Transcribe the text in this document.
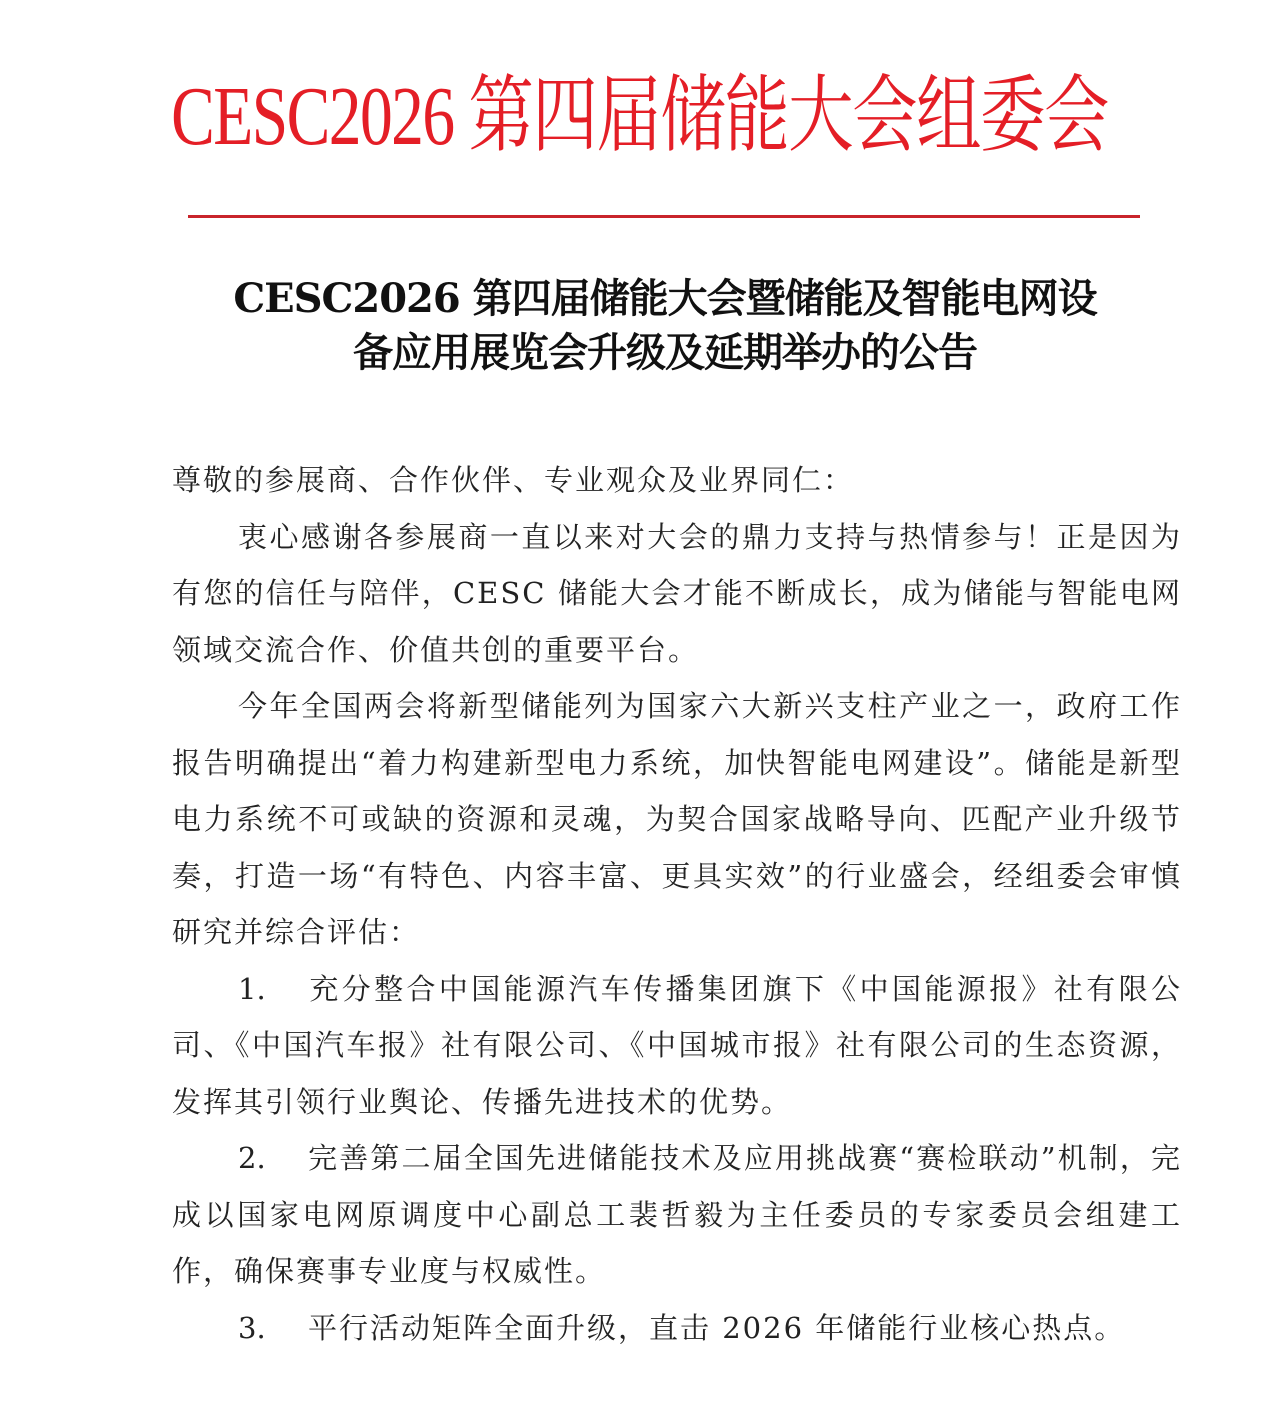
CESC2026 第四届储能大会组委会
CESC2026 第四届储能大会暨储能及智能电网设
备应用展览会升级及延期举办的公告

尊敬的参展商、合作伙伴、专业观众及业界同仁：

衷心感谢各参展商一直以来对大会的鼎力支持与热情参与！正是因为有您的信任与陪伴，CESC 储能大会才能不断成长，成为储能与智能电网领域交流合作、价值共创的重要平台。

今年全国两会将新型储能列为国家六大新兴支柱产业之一，政府工作报告明确提出“着力构建新型电力系统，加快智能电网建设”。储能是新型电力系统不可或缺的资源和灵魂，为契合国家战略导向、匹配产业升级节奏，打造一场“有特色、内容丰富、更具实效”的行业盛会，经组委会审慎研究并综合评估：

1. 充分整合中国能源汽车传播集团旗下《中国能源报》社有限公司、《中国汽车报》社有限公司、《中国城市报》社有限公司的生态资源，发挥其引领行业舆论、传播先进技术的优势。

2. 完善第二届全国先进储能技术及应用挑战赛“赛检联动”机制，完成以国家电网原调度中心副总工裴哲毅为主任委员的专家委员会组建工作，确保赛事专业度与权威性。

3. 平行活动矩阵全面升级，直击 2026 年储能行业核心热点。
